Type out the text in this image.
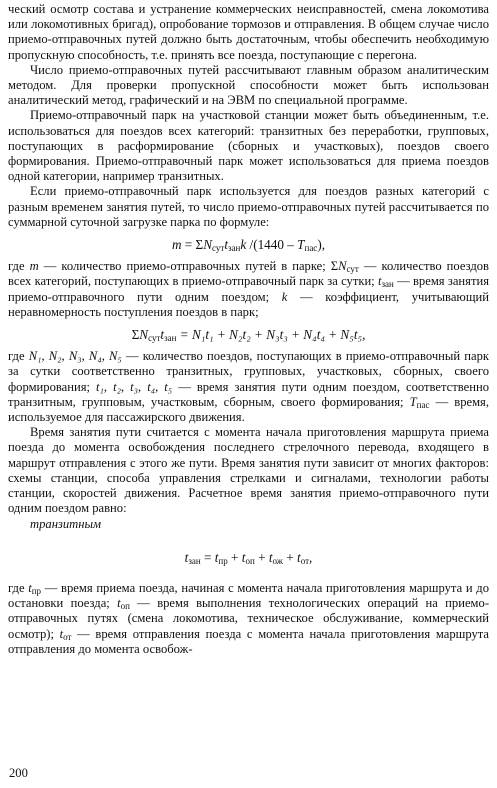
ческий осмотр состава и устранение коммерческих неисправностей, смена локомотива или локомотивных бригад), опробование тормозов и отправления. В общем случае число приемо-отправочных путей должно быть достаточным, чтобы обеспечить необходимую пропускную способность, т.е. принять все поезда, поступающие с перегона.

Число приемо-отправочных путей рассчитывают главным образом аналитическим методом. Для проверки пропускной способности может быть использован аналитический метод, графический и на ЭВМ по специальной программе.

Приемо-отправочный парк на участковой станции может быть объединенным, т.е. использоваться для поездов всех категорий: транзитных без переработки, групповых, поступающих в расформирование (сборных и участковых), поездов своего формирования. Приемо-отправочный парк может использоваться для приема поездов одной категории, например транзитных.

Если приемо-отправочный парк используется для поездов разных категорий с разным временем занятия путей, то число приемо-отправочных путей рассчитывается по суммарной суточной загрузке парка по формуле:

$m = \Sigma N_{сут}t_{зан}k$ $/(1440 - T_{пас})$,

где m — количество приемо-отправочных путей в парке; $\Sigma N_{сут}$ — количество поездов всех категорий, поступающих в приемо-отправочный парк за сутки; $t_{зан}$ — время занятия приемо-отправочного пути одним поездом; k — коэффициент, учитывающий неравномерность поступления поездов в парк;

$\Sigma N_{сут}t_{зан} = N_1t_1 + N_2t_2 + N_3t_3 + N_4t_4 + N_5t_5$,

где N₁, N₂, N₃, N₄, N₅ — количество поездов, поступающих в приемо-отправочный парк за сутки соответственно транзитных, групповых, участковых, сборных, своего формирования; t₁, t₂, t₃, t₄, t₅ — время занятия пути одним поездом, соответственно транзитным, групповым, участковым, сборным, своего формирования; $T_{пас}$ — время, используемое для пассажирского движения.

Время занятия пути считается с момента начала приготовления маршрута приема поезда до момента освобождения последнего стрелочного перевода, входящего в маршрут отправления с этого же пути. Время занятия пути зависит от многих факторов: схемы станции, способа управления стрелками и сигналами, технологии работы станции, скоростей движения. Расчетное время занятия приемо-отправочного пути одним поездом равно:

транзитным

$t_{зан} = t_{пр} + t_{оп} + t_{ож} + t_{от}$,

где $t_{пр}$ — время приема поезда, начиная с момента начала приготовления маршрута и до остановки поезда; $t_{оп}$ — время выполнения технологических операций на приемо-отправочных путях (смена локомотива, техническое обслуживание, коммерческий осмотр); $t_{от}$ — время отправления поезда с момента начала приготовления маршрута отправления до момента освобож-

200
